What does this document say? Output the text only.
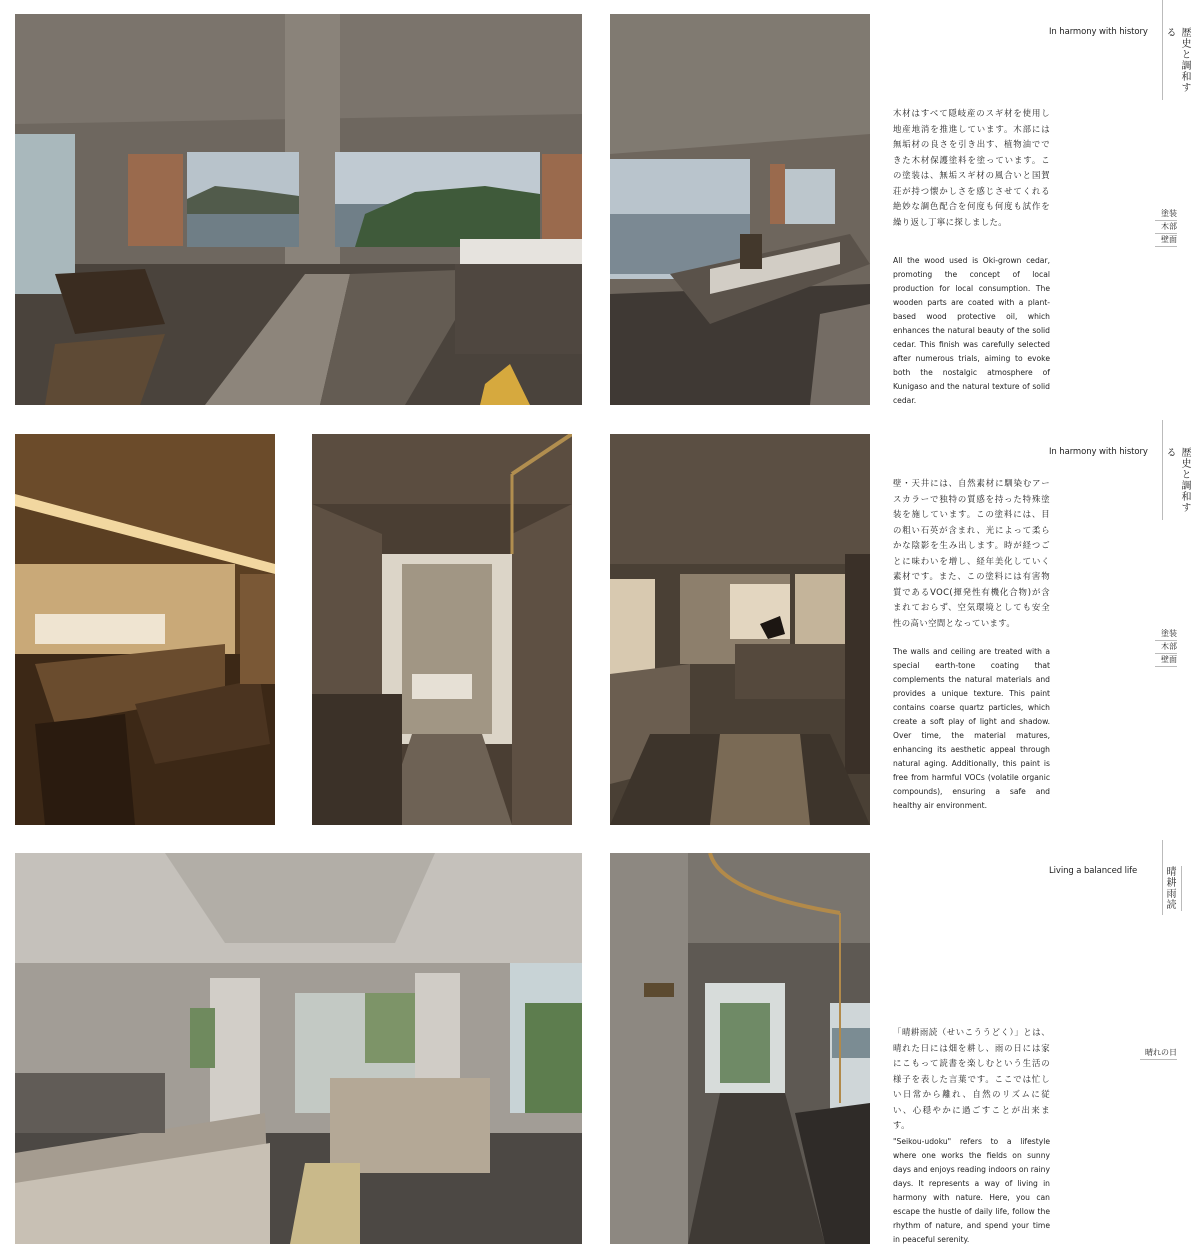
In harmony with history	歴史と調和する
塗装
木部
壁面
木材はすべて隠岐産のスギ材を使用し地産地消を推進しています。木部には無垢材の良さを引き出す、植物油でできた木材保護塗料を塗っています。この塗装は、無垢スギ材の風合いと国賀荘が持つ懐かしさを感じさせてくれる絶妙な調色配合を何度も何度も試作を繰り返し丁寧に探しました。
All the wood used is Oki-grown cedar, promoting the concept of local production for local consumption. The wooden parts are coated with a plant-based wood protective oil, which enhances the natural beauty of the solid cedar. This finish was carefully selected after numerous trials, aiming to evoke both the nostalgic atmosphere of Kunigaso and the natural texture of solid cedar.
In harmony with history	歴史と調和する
塗装
木部
壁面
壁・天井には、自然素材に馴染むアースカラーで独特の質感を持った特殊塗装を施しています。この塗料には、目の粗い石英が含まれ、光によって柔らかな陰影を生み出します。時が経つごとに味わいを増し、経年美化していく素材です。また、この塗料には有害物質であるVOC(揮発性有機化合物)が含まれておらず、空気環境としても安全性の高い空間となっています。
The walls and ceiling are treated with a special earth-tone coating that complements the natural materials and provides a unique texture. This paint contains coarse quartz particles, which create a soft play of light and shadow. Over time, the material matures, enhancing its aesthetic appeal through natural aging. Additionally, this paint is free from harmful VOCs (volatile organic compounds), ensuring a safe and healthy air environment.
Living a balanced life	晴耕雨読
晴れの日
「晴耕雨読（せいこううどく）」とは、晴れた日には畑を耕し、雨の日には家にこもって読書を楽しむという生活の様子を表した言葉です。ここでは忙しい日常から離れ、自然のリズムに従い、心穏やかに過ごすことが出来ます。
"Seikou-udoku" refers to a lifestyle where one works the fields on sunny days and enjoys reading indoors on rainy days. It represents a way of living in harmony with nature. Here, you can escape the hustle of daily life, follow the rhythm of nature, and spend your time in peaceful serenity.
